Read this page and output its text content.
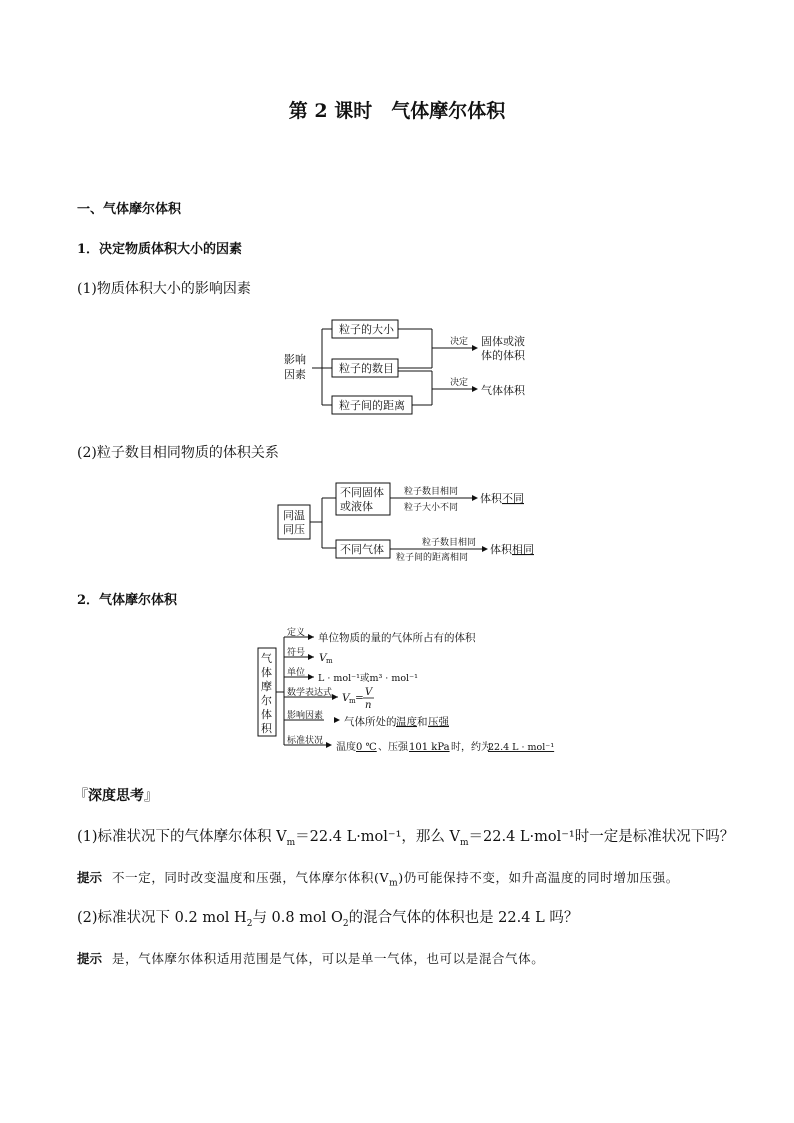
第 2 课时　气体摩尔体积
一、气体摩尔体积
1．决定物质体积大小的因素
(1)物质体积大小的影响因素
影响
因素
粒子的大小
粒子的数目
粒子间的距离
决定
决定
固体或液
体的体积
气体体积
(2)粒子数目相同物质的体积关系
同温
同压
不同固体
或液体
不同气体
粒子数目相同
粒子大小不同
粒子数目相同
粒子间的距离相同
体积 不同
体积 相同
2．气体摩尔体积
气
体
摩
尔
体
积
定义 单位物质的量的气体所占有的体积
符号 V m
单位 L · mol⁻¹或m³ · mol⁻¹
数学表达式 V m = V
n
影响因素 气体所处的 温度 和 压强
标准状况
温度 0 ℃ 、压强 101 kPa 时，约为
22.4 L · mol⁻¹
『深度思考』
(1)标准状况下的气体摩尔体积 $V_m=22.4$ L·mol⁻¹，那么 $V_m=22.4$ L·mol⁻¹时一定是标准状况下吗？
提示 不一定，同时改变温度和压强，气体摩尔体积$(V_m)$仍可能保持不变，如升高温度的同时增加压强。
(2)标准状况下 0.2 mol $H_2$与 0.8 mol $O_2$的混合气体的体积也是 22.4 L 吗？
提示 是，气体摩尔体积适用范围是气体，可以是单一气体，也可以是混合气体。
